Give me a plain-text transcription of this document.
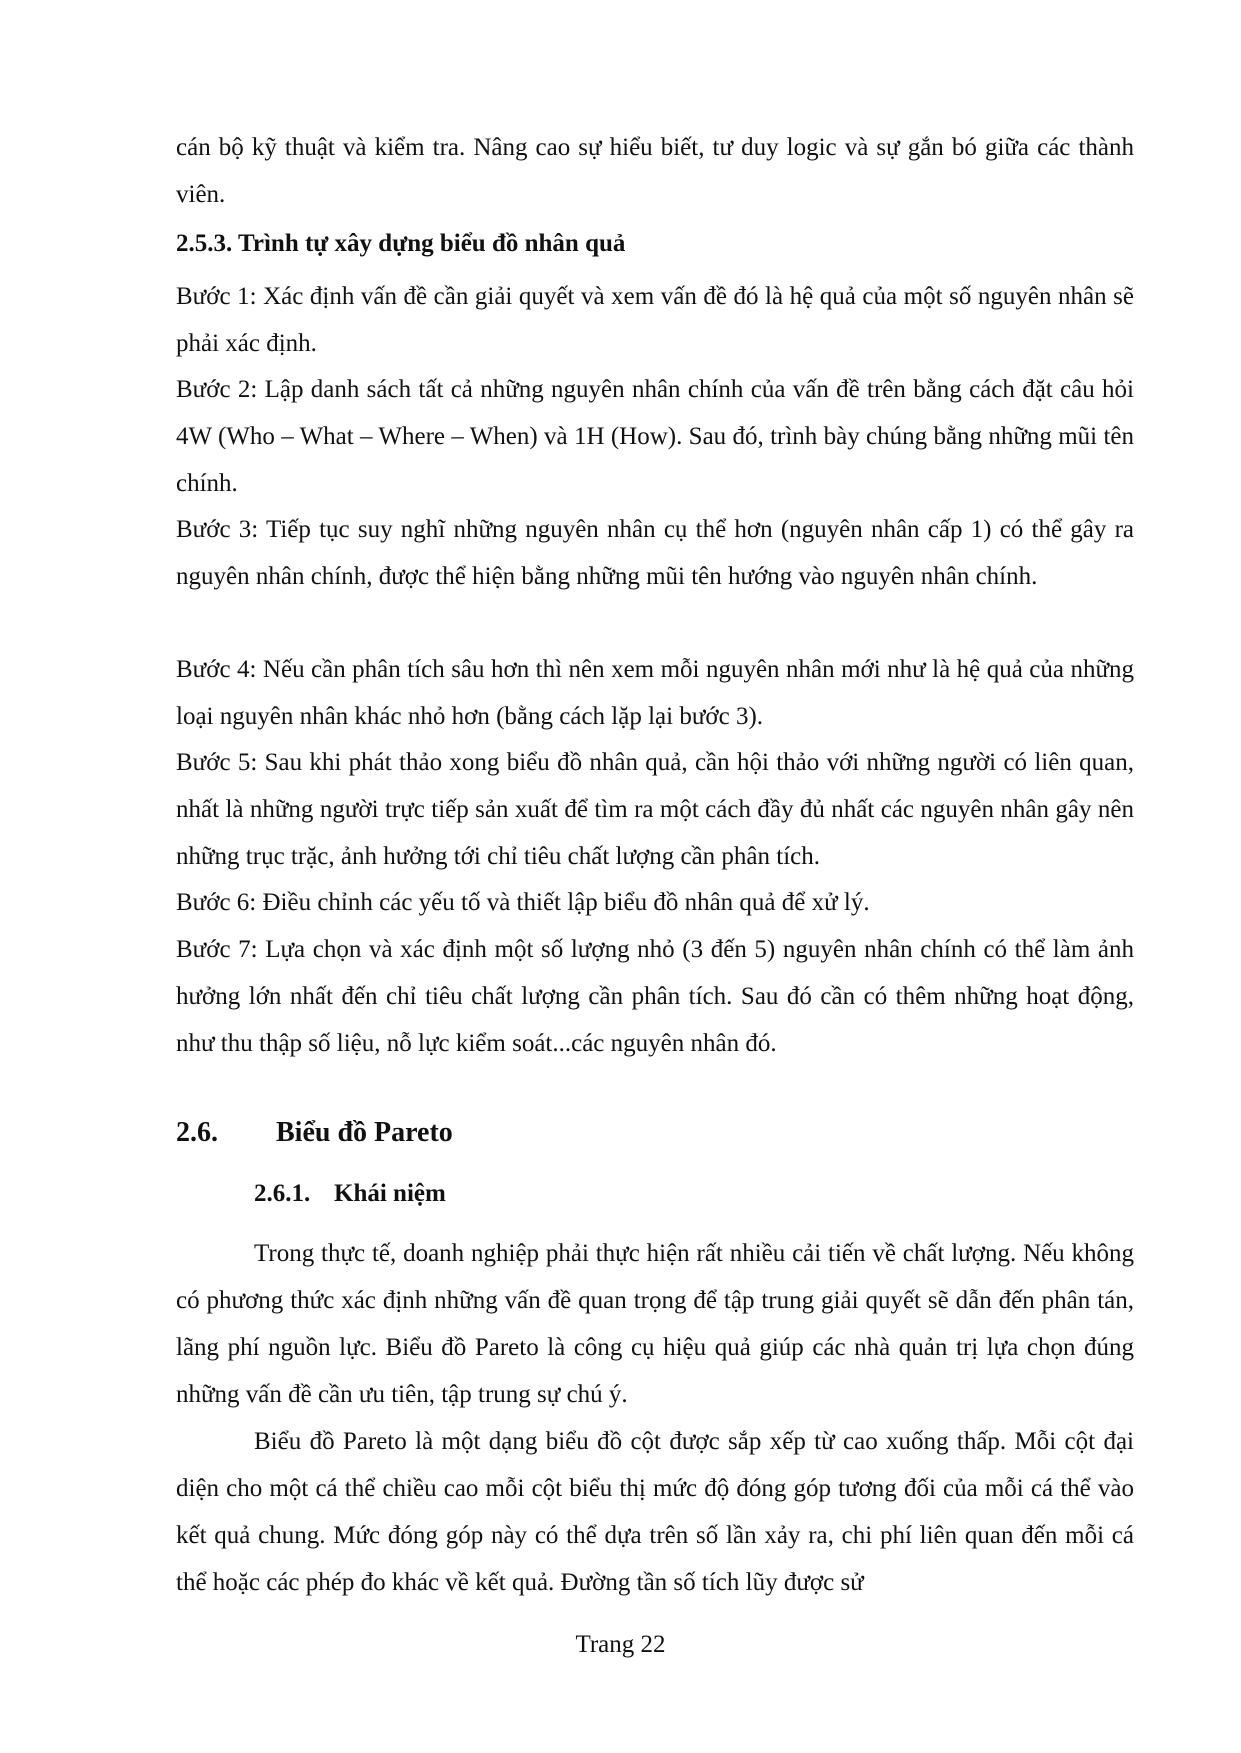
cán bộ kỹ thuật và kiểm tra. Nâng cao sự hiểu biết, tư duy logic và sự gắn bó giữa các thành viên.

2.5.3. Trình tự xây dựng biểu đồ nhân quả

Bước 1: Xác định vấn đề cần giải quyết và xem vấn đề đó là hệ quả của một số nguyên nhân sẽ phải xác định.

Bước 2: Lập danh sách tất cả những nguyên nhân chính của vấn đề trên bằng cách đặt câu hỏi 4W (Who – What – Where – When) và 1H (How). Sau đó, trình bày chúng bằng những mũi tên chính.

Bước 3: Tiếp tục suy nghĩ những nguyên nhân cụ thể hơn (nguyên nhân cấp 1) có thể gây ra nguyên nhân chính, được thể hiện bằng những mũi tên hướng vào nguyên nhân chính.

Bước 4: Nếu cần phân tích sâu hơn thì nên xem mỗi nguyên nhân mới như là hệ quả của những loại nguyên nhân khác nhỏ hơn (bằng cách lặp lại bước 3).

Bước 5: Sau khi phát thảo xong biểu đồ nhân quả, cần hội thảo với những người có liên quan, nhất là những người trực tiếp sản xuất để tìm ra một cách đầy đủ nhất các nguyên nhân gây nên những trục trặc, ảnh hưởng tới chỉ tiêu chất lượng cần phân tích.

Bước 6: Điều chỉnh các yếu tố và thiết lập biểu đồ nhân quả để xử lý.

Bước 7: Lựa chọn và xác định một số lượng nhỏ (3 đến 5) nguyên nhân chính có thể làm ảnh hưởng lớn nhất đến chỉ tiêu chất lượng cần phân tích. Sau đó cần có thêm những hoạt động, như thu thập số liệu, nỗ lực kiểm soát...các nguyên nhân đó.

2.6. Biểu đồ Pareto
2.6.1. Khái niệm

Trong thực tế, doanh nghiệp phải thực hiện rất nhiều cải tiến về chất lượng. Nếu không có phương thức xác định những vấn đề quan trọng để tập trung giải quyết sẽ dẫn đến phân tán, lãng phí nguồn lực. Biểu đồ Pareto là công cụ hiệu quả giúp các nhà quản trị lựa chọn đúng những vấn đề cần ưu tiên, tập trung sự chú ý.

Biểu đồ Pareto là một dạng biểu đồ cột được sắp xếp từ cao xuống thấp. Mỗi cột đại diện cho một cá thể chiều cao mỗi cột biểu thị mức độ đóng góp tương đối của mỗi cá thể vào kết quả chung. Mức đóng góp này có thể dựa trên số lần xảy ra, chi phí liên quan đến mỗi cá thể hoặc các phép đo khác về kết quả. Đường tần số tích lũy được sử

Trang 22
